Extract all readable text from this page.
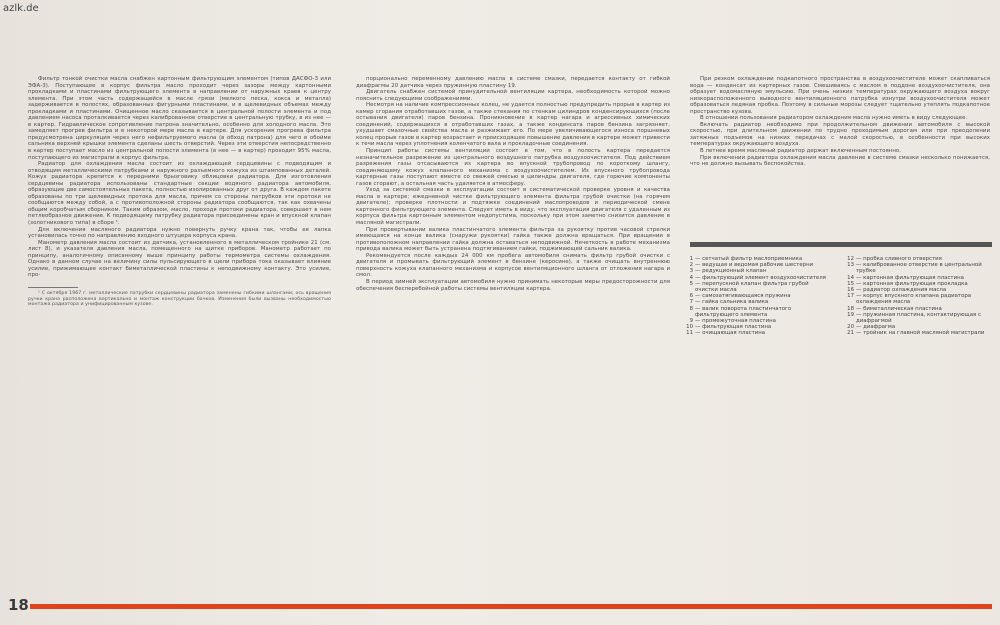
azlk.de

Фильтр тонкой очистки масла снабжен картонным фильтрующим элементом (типов ДАСФО-3 или ЭФА-3). Поступающее в корпус фильтра масло проходит через зазоры между картонными прокладками и пластинами фильтрующего элемента в направлении от наружных краев к центру элемента. При этом часть содержащейся в масле грязи (мелкого песка, кокса и металла) задерживается в полостях, образованных фигурными пластинами, и в щелевидных объемах между прокладками и пластинами. Очищенное масло сказывается в центральной полости элемента и под давлением насоса проталкивается через калиброванное отверстие в центральную трубку, в из нее — в картер. Гидравлическое сопротивление патрона значительно, особенно для холодного масла. Это замедляет прогрев фильтра и в некоторой мере масла в картере. Для ускорения прогрева фильтра предусмотрена циркуляция через него нефильтруемого масла (в обход патрона) для чего в обойме сальника верхней крышки элемента сделаны шесть отверстий. Через эти отверстия непосредственно в картер поступает масло из центральной полости элемента (в нее — в картер) проходит 95% масла, поступающего из магистрали в корпус фильтра.

Радиатор для охлаждения масла состоит из охлаждающей сердцевины с подводящим и отводящим металлическими патрубками и наружного разъемного кожуха из штампованных деталей. Кожух радиатора крепится к передними брызговику облицовки радиатора. Для изготовления сердцевины радиатора использованы стандартные секции водяного радиатора автомобиля, образующие две самостоятельных пакета, полностью изолированных друг от друга. В каждом пакете образованы по три щелевидных протока для масла, причем со стороны патрубков эти протоки не сообщаются между собой, а с противоположной стороны радиатора сообщаются, так как охвачены общим коробчатым сборником. Таким образом, масло, проходя протоки радиатора, совершает в нем петлеобразное движение. К подводящему патрубку радиатора присоединены кран и впускной клапан (золотникового типа) в сборе ¹.

Для включения масляного радиатора нужно повернуть ручку крана так, чтобы ее лапка установилась точно по направлению входного штуцера корпуса крана.

Манометр давления масла состоит из датчика, установленного в металлическом тройнике 21 (см. лист 8), и указателя давления масла, помещенного на щитке приборов. Манометр работает по принципу, аналогичному описанному выше принципу работы термометра системы охлаждения. Однако в данном случае на величину силы пульсирующего в щели прибора тока оказывает влияние усилие, прижимающее контакт биметаллической пластины к неподвижному контакту. Это усилие, про-

¹ С октября 1967 г. металлические патрубки сердцевины радиатора заменены гибкими шлангами; ось вращения ручки крана расположена вертикально и монтаж конструкции бачков. Изменения были вызваны необходимостью монтажа радиатора и унифицированным кузове.

порционально переменному давлению масла в системе смазки, передается контакту от гибкой диафрагмы 20 датчика через пружинную пластину 19.

Двигатель снабжен системой принудительной вентиляции картера, необходимость которой можно пояснить следующими соображениями.

Несмотря на наличие компрессионных колец, не удается полностью предупредить прорыв в картер из камер сгорания отработавших газов, а также стекания по стенкам цилиндров конденсирующихся (после остывания двигателя) паров бензина. Проникновение в картер нагара и агрессивных химических соединений, содержащихся в отработавших газах, а также конденсата паров бензина загрязняет, ухудшает смазочные свойства масла и разжижает его. По мере увеличивающегося износа поршневых колец прорыв газов в картер возрастает и происходящее повышение давления в картере может привести к течи масла через уплотнения коленчатого вала и прокладочные соединения.

Принцип работы системы вентиляции состоит в том, что в полость картера передается незначительное разрежение из центрального воздушного патрубка воздухоочистителя. Под действием разрежения газы отсасываются из картера во впускной трубопровод по короткому шлангу, соединяющему кожух клапанного механизма с воздухоочистителем. Из впускного трубопровода картерные газы поступают вместе со свежей смесью в цилиндры двигателя, где горючие компоненты газов сгорают, а остальная часть удаляется в атмосферу.

Уход за системой смазки в эксплуатации состоит в систематической проверке уровня и качества масла в картере; ежедневной чистке фильтрующего элемента фильтра грубой очистки (на горячем двигателе); проверке плотности и подтяжке соединений маслопроводов и периодической смене картонного фильтрующего элемента. Следует иметь в виду, что эксплуатация двигателя с удаленным из корпуса фильтра картонным элементом недопустима, поскольку при этом заметно снизится давление в масляной магистрали.

При провертывании валика пластинчатого элемента фильтра за рукоятку против часовой стрелки имеющаяся на конце валика (снаружи рукоятки) гайка также должна вращаться. При вращении в противоположном направлении гайка должна оставаться неподвижной. Нечеткость в работе механизма привода валика может быть устранена подтягиванием гайки, поджимающей сальник валика.

Рекомендуется после каждых 24 000 км пробега автомобиля снимать фильтр грубой очистки с двигателя и промывать фильтрующий элемент в бензине (керосине), а также очищать внутреннюю поверхность кожуха клапанного механизма и корпусов вентиляционного шланга от отложения нагара и смол.

В период зимней эксплуатации автомобиля нужно принимать некоторые меры предосторожности для обеспечения бесперебойной работы системы вентиляции картера.

При резком охлаждении подкапотного пространства в воздухоочистителе может скапливаться вода — конденсат из картерных газов. Смешиваясь с маслом в поддоне воздухоочистителя, она образует водомасляную эмульсию. При очень низких температурах окружающего воздуха вокруг низкорасположенного выводного вентиляционного патрубка изнутри воздухоочистителя может образоваться ледяная пробка. Поэтому в сильные морозы следует тщательно утеплять подкапотное пространство кузова.

В отношении пользования радиатором охлаждения масла нужно иметь в виду следующее.

Включать радиатор необходимо при продолжительном движении автомобиля с высокой скоростью, при длительном движении по трудно проходимым дорогам или при преодолении затяжных подъемов на низких передачах с малой скоростью, в особенности при высоких температурах окружающего воздуха.

В летнее время масляный радиатор держат включенным постоянно.

При включении радиатора охлаждения масла давление в системе смазки несколько понижается, что не должно вызывать беспокойства.

1 — сетчатый фильтр маслоприемника
2 — ведущая и ведомая рабочие шестерни
3 — редукционный клапан
4 — фильтрующий элемент воздухоочистителя
5 — перепускной клапан фильтра грубой очистки масла
6 — самозатягивающаяся пружина
7 — гайка сальника валика
8 — валик поворота пластинчатого фильтрующего элемента
9 — промежуточная пластина
10 — фильтрующая пластина
11 — очищающая пластина
12 — пробка сливного отверстия
13 — калиброванное отверстие в центральной трубке
14 — картонная фильтрующая пластина
15 — картонная фильтрующая прокладка
16 — радиатор охлаждения масла
17 — корпус впускного клапана радиатора охлаждения масла
18 — биметаллическая пластина
19 — пружинная пластина, контактирующая с диафрагмой
20 — диафрагма
21 — тройник на главной масляной магистрали
18
